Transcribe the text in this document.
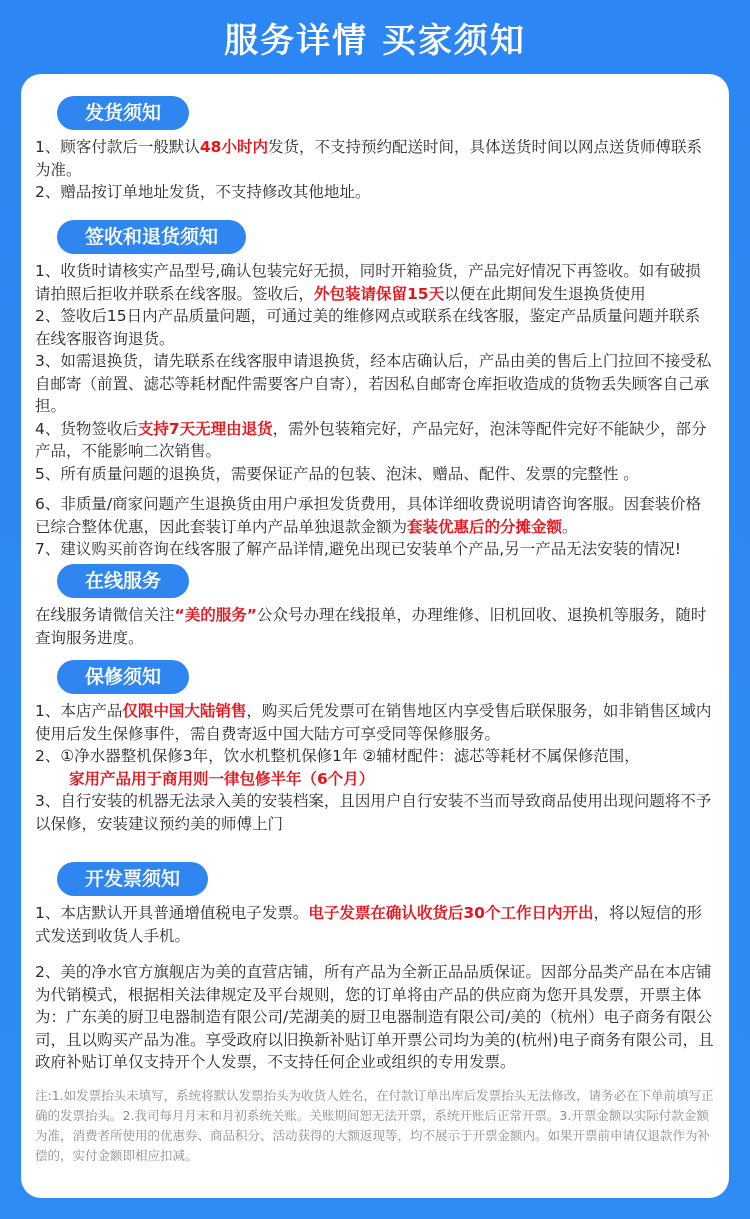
服务详情 买家须知
发货须知

1、顾客付款后一般默认48小时内发货，不支持预约配送时间，具体送货时间以网点送货师傅联系为准。

2、赠品按订单地址发货，不支持修改其他地址。

签收和退货须知

1、收货时请核实产品型号,确认包装完好无损，同时开箱验货，产品完好情况下再签收。如有破损请拍照后拒收并联系在线客服。签收后，外包装请保留15天以便在此期间发生退换货使用

2、签收后15日内产品质量问题，可通过美的维修网点或联系在线客服，鉴定产品质量问题并联系在线客服咨询退货。

3、如需退换货，请先联系在线客服申请退换货，经本店确认后，产品由美的售后上门拉回不接受私自邮寄（前置、滤芯等耗材配件需要客户自寄），若因私自邮寄仓库拒收造成的货物丢失顾客自己承担。

4、货物签收后支持7天无理由退货，需外包装箱完好，产品完好，泡沫等配件完好不能缺少，部分产品，不能影响二次销售。

5、所有质量问题的退换货，需要保证产品的包装、泡沫、赠品、配件、发票的完整性 。

6、非质量/商家问题产生退换货由用户承担发货费用，具体详细收费说明请咨询客服。因套装价格已综合整体优惠，因此套装订单内产品单独退款金额为套装优惠后的分摊金额。

7、建议购买前咨询在线客服了解产品详情,避免出现已安装单个产品,另一产品无法安装的情况!

在线服务

在线服务请微信关注“美的服务”公众号办理在线报单，办理维修、旧机回收、退换机等服务，随时查询服务进度。

保修须知

1、本店产品仅限中国大陆销售，购买后凭发票可在销售地区内享受售后联保服务，如非销售区域内使用后发生保修事件，需自费寄返中国大陆方可享受同等保修服务。

2、①净水器整机保修3年，饮水机整机保修1年 ②辅材配件：滤芯等耗材不属保修范围，

家用产品用于商用则一律包修半年（6个月）

3、自行安装的机器无法录入美的安装档案，且因用户自行安装不当而导致商品使用出现问题将不予以保修，安装建议预约美的师傅上门

开发票须知

1、本店默认开具普通增值税电子发票。电子发票在确认收货后30个工作日内开出，将以短信的形式发送到收货人手机。

2、美的净水官方旗舰店为美的直营店铺，所有产品为全新正品品质保证。因部分品类产品在本店铺为代销模式，根据相关法律规定及平台规则，您的订单将由产品的供应商为您开具发票，开票主体为：广东美的厨卫电器制造有限公司/芜湖美的厨卫电器制造有限公司/美的（杭州）电子商务有限公司，且以购买产品为准。享受政府以旧换新补贴订单开票公司均为美的(杭州)电子商务有限公司，且政府补贴订单仅支持开个人发票，不支持任何企业或组织的专用发票。

注:1.如发票抬头未填写，系统将默认发票抬头为收货人姓名，在付款订单出库后发票抬头无法修改，请务必在下单前填写正确的发票抬头。2.我司每月月末和月初系统关账。关账期间恕无法开票，系统开账后正常开票。3.开票金额以实际付款金额为准，消费者所使用的优惠券、商品积分、活动获得的大额返现等，均不展示于开票金额内。如果开票前申请仅退款作为补偿的，实付金额即相应扣减。
